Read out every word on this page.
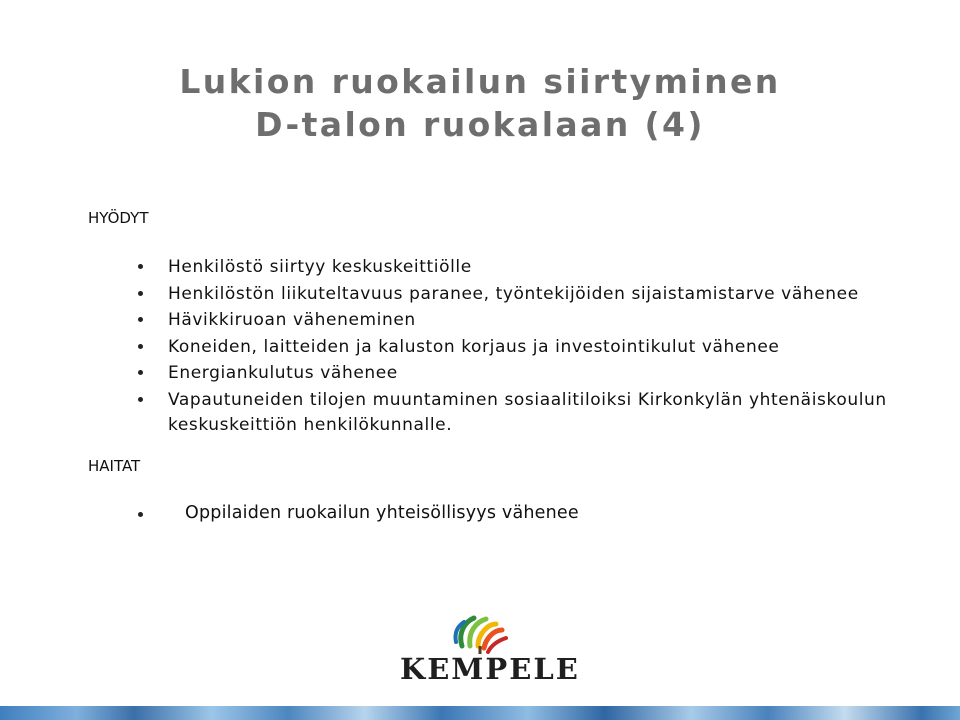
Lukion ruokailun siirtyminen
D-talon ruokalaan (4)
HYÖDYT
Henkilöstö siirtyy keskuskeittiölle
Henkilöstön liikuteltavuus paranee, työntekijöiden sijaistamistarve vähenee
Hävikkiruoan väheneminen
Koneiden, laitteiden ja kaluston korjaus ja investointikulut vähenee
Energiankulutus vähenee
Vapautuneiden tilojen muuntaminen sosiaalitiloiksi Kirkonkylän yhtenäiskoulun keskuskeittiön henkilökunnalle.
HAITAT
Oppilaiden ruokailun yhteisöllisyys vähenee
KEMPELE
